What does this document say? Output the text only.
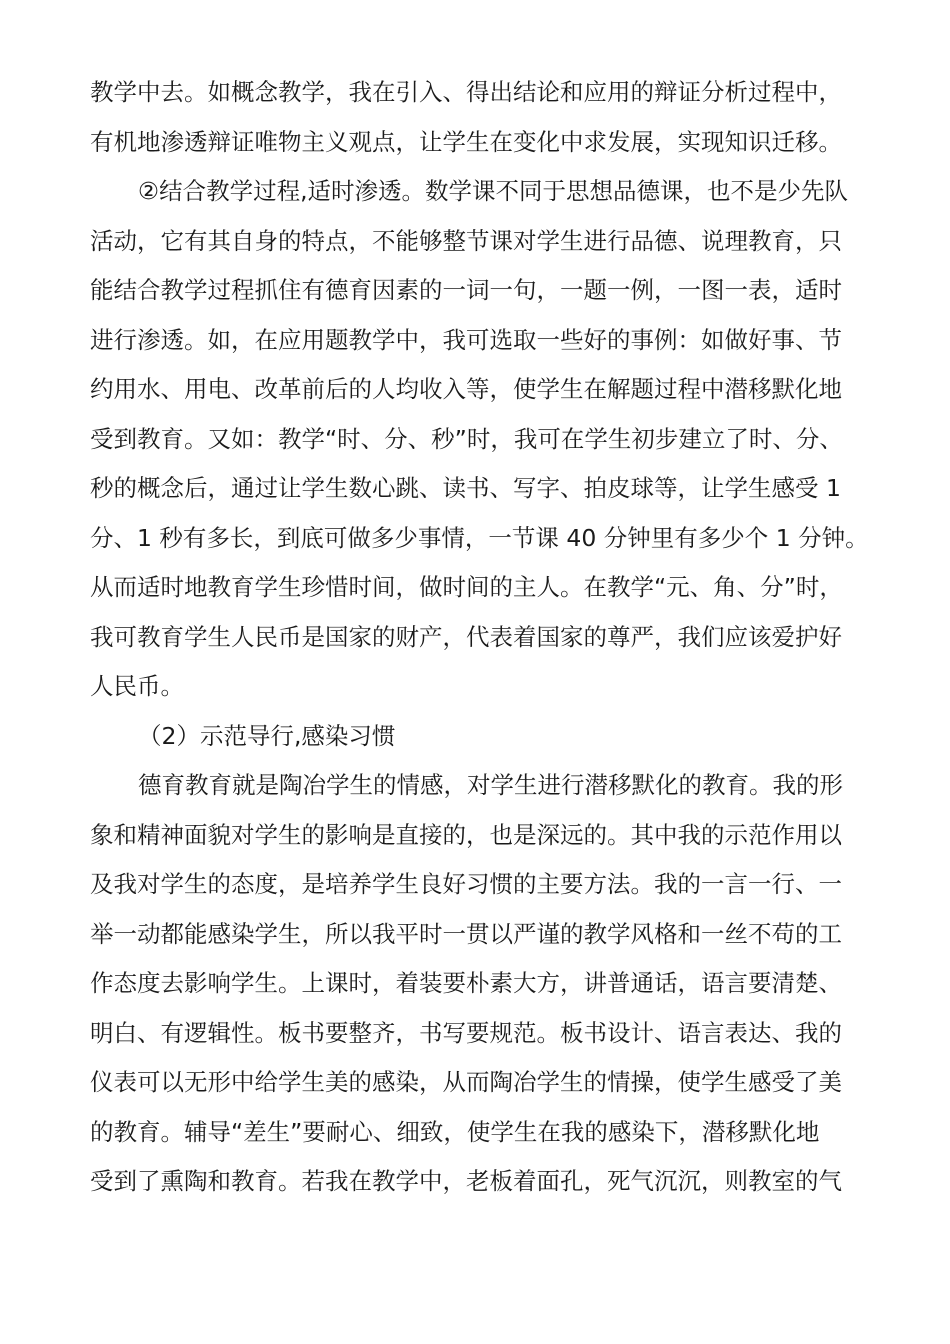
教学中去。如概念教学，我在引入、得出结论和应用的辩证分析过程中，
有机地渗透辩证唯物主义观点，让学生在变化中求发展，实现知识迁移。
②结合教学过程,适时渗透。数学课不同于思想品德课，也不是少先队
活动，它有其自身的特点，不能够整节课对学生进行品德、说理教育，只
能结合教学过程抓住有德育因素的一词一句，一题一例，一图一表，适时
进行渗透。如，在应用题教学中，我可选取一些好的事例：如做好事、节
约用水、用电、改革前后的人均收入等，使学生在解题过程中潜移默化地
受到教育。又如：教学“时、分、秒”时，我可在学生初步建立了时、分、
秒的概念后，通过让学生数心跳、读书、写字、拍皮球等，让学生感受 1
分、1 秒有多长，到底可做多少事情，一节课 40 分钟里有多少个 1 分钟。
从而适时地教育学生珍惜时间，做时间的主人。在教学“元、角、分”时，
我可教育学生人民币是国家的财产，代表着国家的尊严，我们应该爱护好
人民币。
（2）示范导行,感染习惯
德育教育就是陶冶学生的情感，对学生进行潜移默化的教育。我的形
象和精神面貌对学生的影响是直接的，也是深远的。其中我的示范作用以
及我对学生的态度，是培养学生良好习惯的主要方法。我的一言一行、一
举一动都能感染学生，所以我平时一贯以严谨的教学风格和一丝不苟的工
作态度去影响学生。上课时，着装要朴素大方，讲普通话，语言要清楚、
明白、有逻辑性。板书要整齐，书写要规范。板书设计、语言表达、我的
仪表可以无形中给学生美的感染，从而陶冶学生的情操，使学生感受了美
的教育。辅导“差生”要耐心、细致，使学生在我的感染下，潜移默化地
受到了熏陶和教育。若我在教学中，老板着面孔，死气沉沉，则教室的气
